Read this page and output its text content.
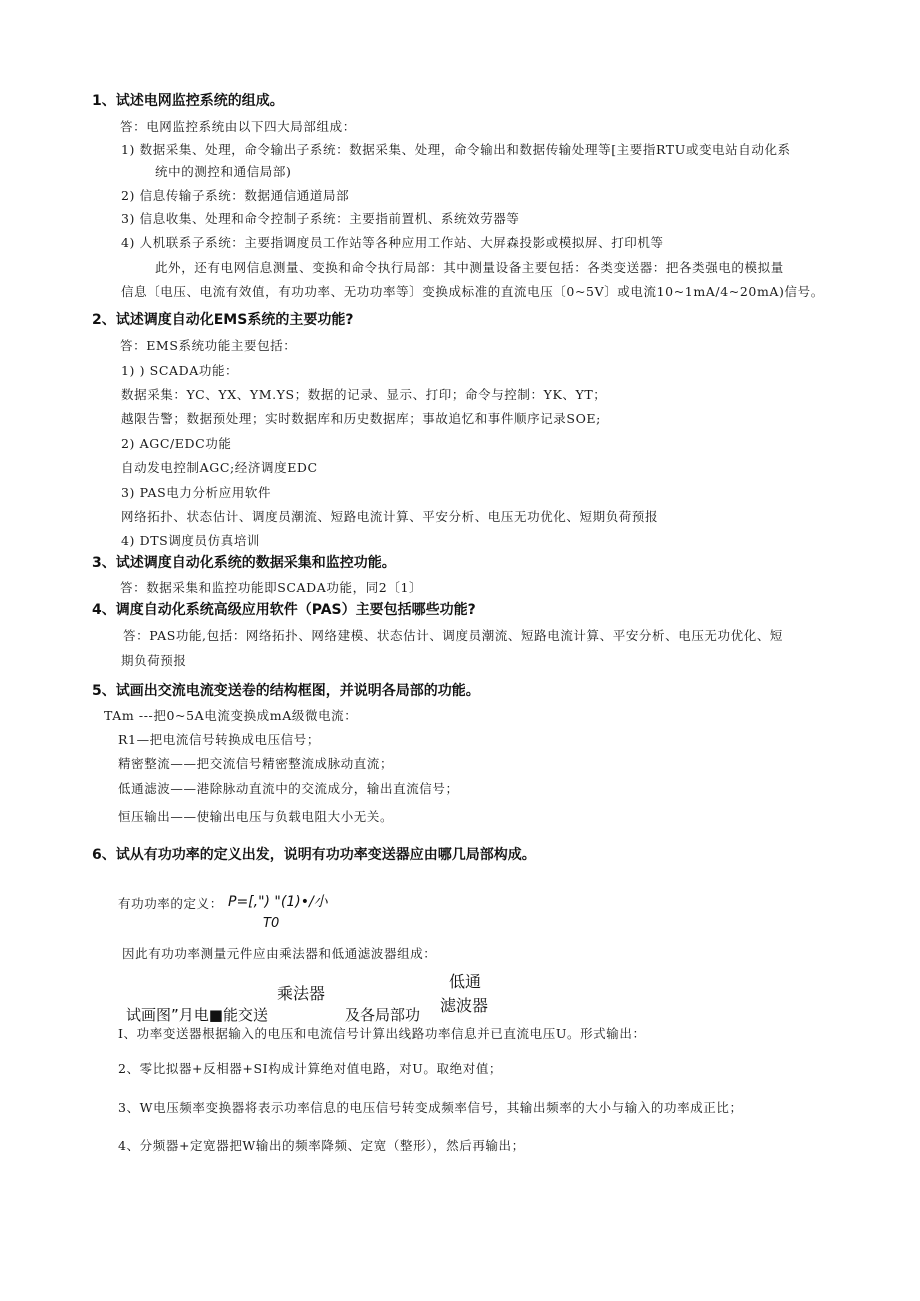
1、试述电网监控系统的组成。
答：电网监控系统由以下四大局部组成：
1) 数据采集、处理，命令输出子系统：数据采集、处理，命令输出和数据传输处理等[主要指RTU或变电站自动化系
统中的测控和通信局部)
2) 信息传输子系统：数据通信通道局部
3) 信息收集、处理和命令控制子系统：主要指前置机、系统效劳器等
4) 人机联系子系统：主要指调度员工作站等各种应用工作站、大屏森投影或模拟屏、打印机等
此外，还有电网信息测量、变换和命令执行局部：其中测量设备主要包括：各类变送器：把各类强电的模拟量
信息〔电压、电流有效值，有功功率、无功功率等〕变换成标准的直流电压〔0~5V〕或电流10~1mA/4~20mA)信号。
2、试述调度自动化EMS系统的主要功能?
答：EMS系统功能主要包括：
1) ) SCADA功能：
数据采集：YC、YX、YM.YS；数据的记录、显示、打印；命令与控制：YK、YT；
越限告警；数据预处理；实时数据库和历史数据库；事故追忆和事件顺序记录SOE;
2) AGC/EDC功能
自动发电控制AGC;经济调度EDC
3) PAS电力分析应用软件
网络拓扑、状态估计、调度员潮流、短路电流计算、平安分析、电压无功优化、短期负荷预报
4) DTS调度员仿真培训
3、试述调度自动化系统的数据采集和监控功能。
答：数据采集和监控功能即SCADA功能，同2〔1〕
4、调度自动化系统高级应用软件（PAS）主要包括哪些功能?
答：PAS功能,包括：网络拓扑、网络建模、状态估计、调度员潮流、短路电流计算、平安分析、电压无功优化、短
期负荷预报
5、试画出交流电流变送卷的结构框图，并说明各局部的功能。
TAm ---把0~5A电流变换成mA级微电流：
R1—把电流信号转换成电压信号；
精密整流——把交流信号精密整流成脉动直流；
低通滤波——港除脉动直流中的交流成分，输出直流信号；
恒压输出——使输出电压与负载电阻大小无关。
6、试从有功功率的定义出发，说明有功功率变送器应由哪几局部构成。
有功功率的定义： P=[,") "(1)•/小
T0
因此有功功率测量元件应由乘法器和低通滤波器组成：
乘法器
低通
滤波器
试画图”月电■能交送	及各局部功
I、功率变送器根据输入的电压和电流信号计算出线路功率信息并已直流电压U。形式输出：
2、零比拟器+反相器+SI构成计算绝对值电路，对U。取绝对值；
3、W电压频率变换器将表示功率信息的电压信号转变成频率信号，其输出频率的大小与输入的功率成正比；
4、分频器+定宽器把W输出的频率降频、定宽（整形），然后再输出；
